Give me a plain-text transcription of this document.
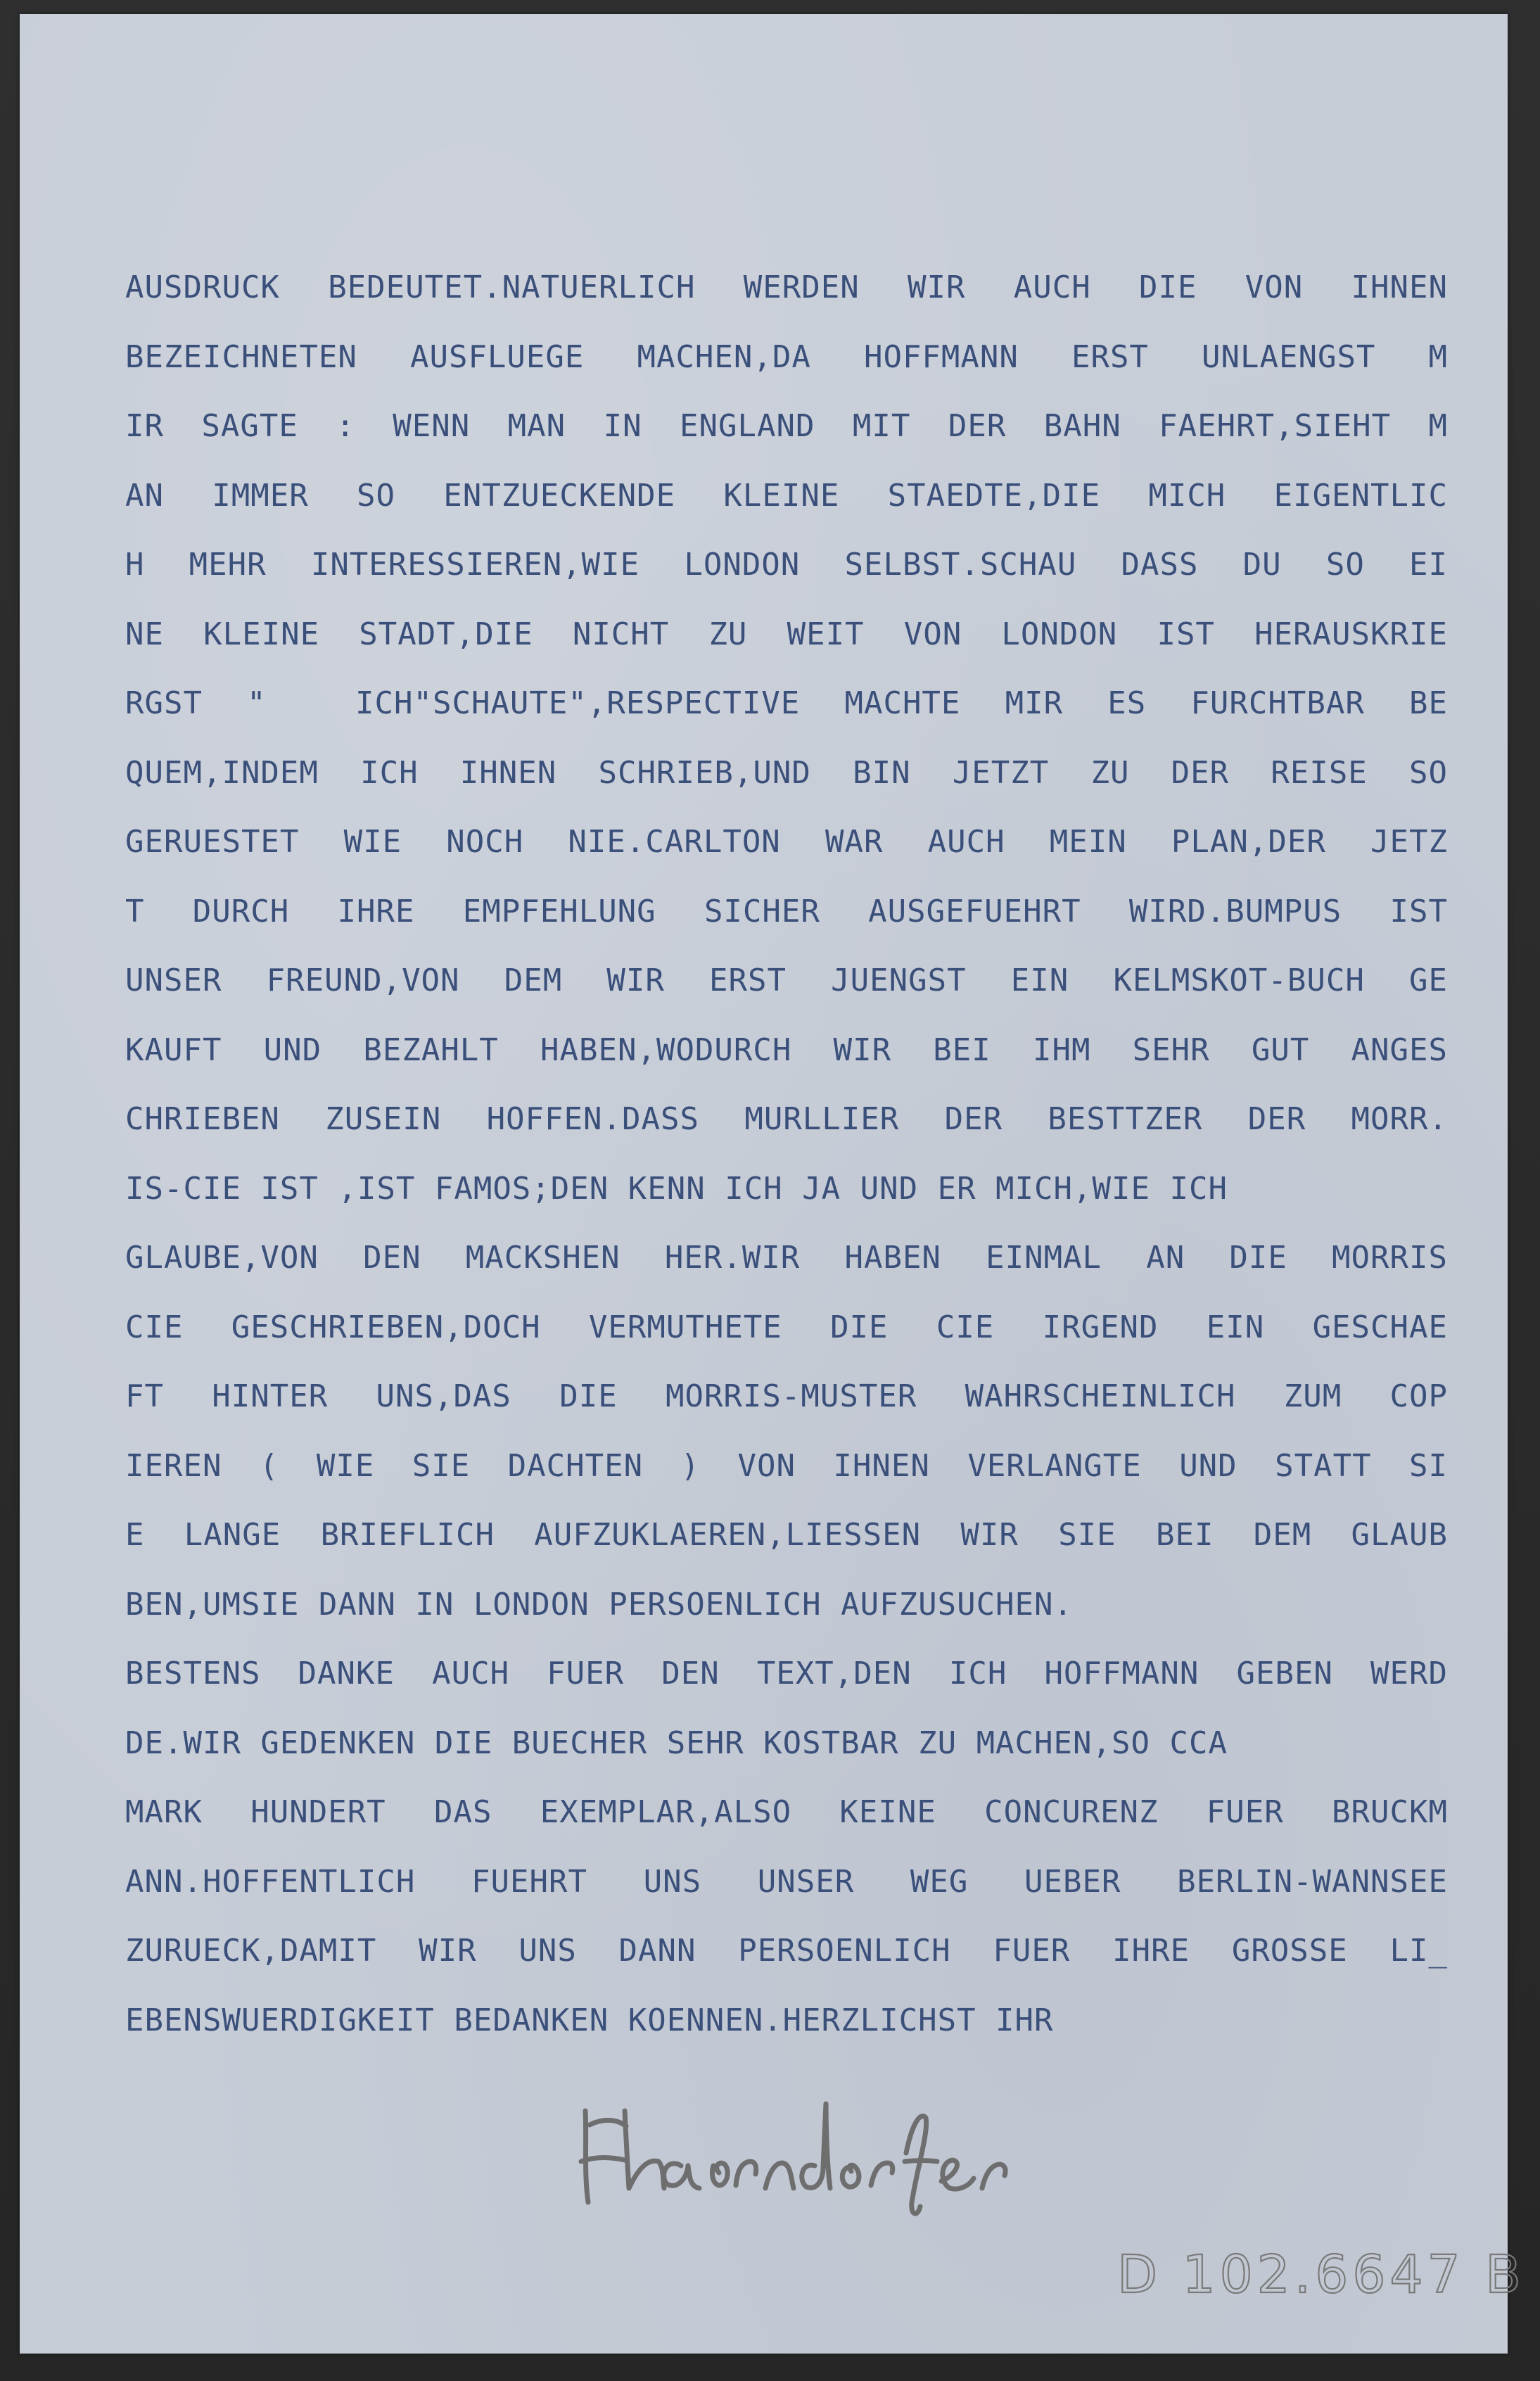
AUSDRUCK BEDEUTET.NATUERLICH WERDEN WIR AUCH DIE VON IHNEN
BEZEICHNETEN AUSFLUEGE MACHEN,DA HOFFMANN ERST UNLAENGST M
IR SAGTE : WENN MAN IN ENGLAND MIT DER BAHN FAEHRT,SIEHT M
AN IMMER SO ENTZUECKENDE KLEINE STAEDTE,DIE MICH EIGENTLIC
H MEHR INTERESSIEREN,WIE LONDON SELBST.SCHAU DASS DU SO EI
NE KLEINE STADT,DIE NICHT ZU WEIT VON LONDON IST HERAUSKRIE
RGST "  ICH"SCHAUTE",RESPECTIVE MACHTE MIR ES FURCHTBAR BE
QUEM,INDEM ICH IHNEN SCHRIEB,UND BIN JETZT ZU DER REISE SO
GERUESTET WIE NOCH NIE.CARLTON WAR AUCH MEIN PLAN,DER JETZ
T DURCH IHRE EMPFEHLUNG SICHER AUSGEFUEHRT WIRD.BUMPUS IST
UNSER FREUND,VON DEM WIR ERST JUENGST EIN KELMSKOT-BUCH GE
KAUFT UND BEZAHLT HABEN,WODURCH WIR BEI IHM SEHR GUT ANGES
CHRIEBEN ZUSEIN HOFFEN.DASS MURLLIER DER BESTTZER DER MORR.
IS-CIE IST ,IST FAMOS;DEN KENN ICH JA UND ER MICH,WIE ICH
GLAUBE,VON DEN MACKSHEN HER.WIR HABEN EINMAL AN DIE MORRIS
CIE GESCHRIEBEN,DOCH VERMUTHETE DIE CIE IRGEND EIN GESCHAE
FT HINTER UNS,DAS DIE MORRIS-MUSTER WAHRSCHEINLICH ZUM COP
IEREN ( WIE SIE DACHTEN ) VON IHNEN VERLANGTE UND STATT SI
E LANGE BRIEFLICH AUFZUKLAEREN,LIESSEN WIR SIE BEI DEM GLAUB
BEN,UMSIE DANN IN LONDON PERSOENLICH AUFZUSUCHEN.
BESTENS DANKE AUCH FUER DEN TEXT,DEN ICH HOFFMANN GEBEN WERD
DE.WIR GEDENKEN DIE BUECHER SEHR KOSTBAR ZU MACHEN,SO CCA
MARK HUNDERT DAS EXEMPLAR,ALSO KEINE CONCURENZ FUER BRUCKM
ANN.HOFFENTLICH FUEHRT UNS UNSER WEG UEBER BERLIN-WANNSEE
ZURUECK,DAMIT WIR UNS DANN PERSOENLICH FUER IHRE GROSSE LI_
EBENSWUERDIGKEIT BEDANKEN KOENNEN.HERZLICHST IHR
D 102.6647 B
